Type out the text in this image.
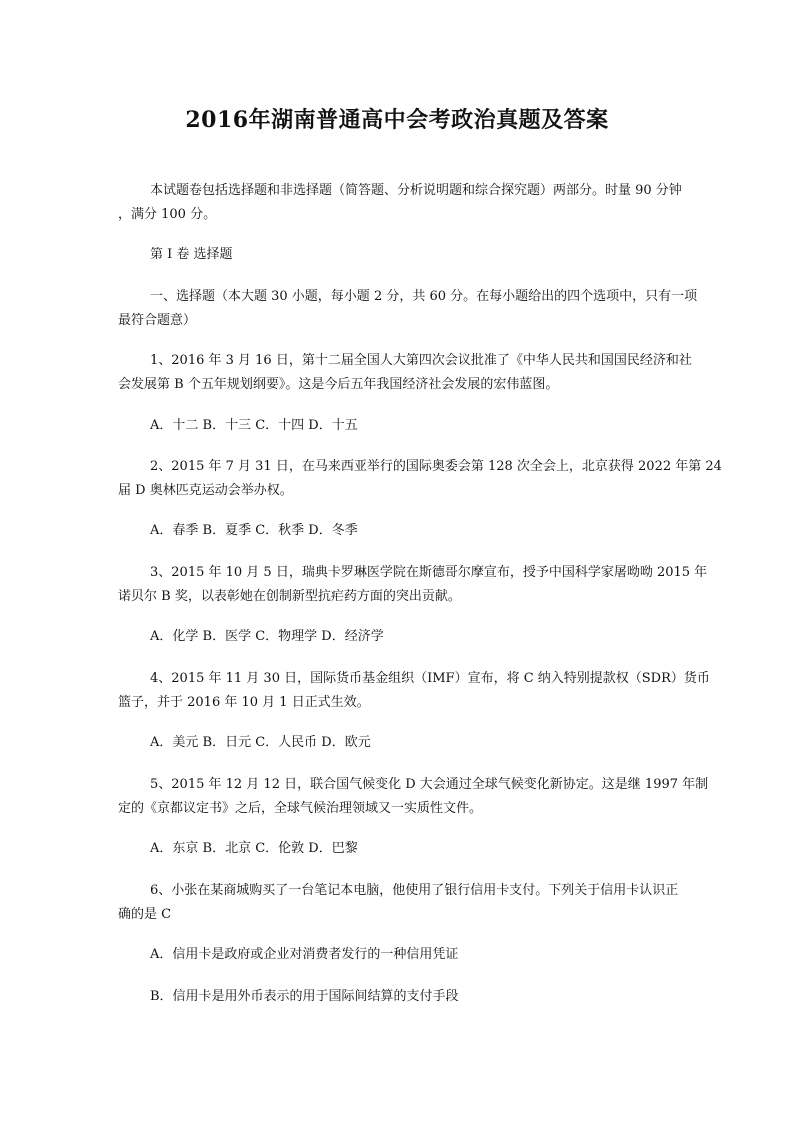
2016年湖南普通高中会考政治真题及答案
本试题卷包括选择题和非选择题（简答题、分析说明题和综合探究题）两部分。时量 90 分钟
，满分 100 分。
第 I 卷 选择题
一、选择题（本大题 30 小题，每小题 2 分，共 60 分。在每小题给出的四个选项中，只有一项
最符合题意）
1、2016 年 3 月 16 日，第十二届全国人大第四次会议批准了《中华人民共和国国民经济和社
会发展第 B 个五年规划纲要》。这是今后五年我国经济社会发展的宏伟蓝图。
A．十二 B．十三 C．十四 D．十五
2、2015 年 7 月 31 日，在马来西亚举行的国际奥委会第 128 次全会上，北京获得 2022 年第 24
届 D 奥林匹克运动会举办权。
A．春季 B．夏季 C．秋季 D．冬季
3、2015 年 10 月 5 日，瑞典卡罗琳医学院在斯德哥尔摩宣布，授予中国科学家屠呦呦 2015 年
诺贝尔 B 奖，以表彰她在创制新型抗疟药方面的突出贡献。
A．化学 B．医学 C．物理学 D．经济学
4、2015 年 11 月 30 日，国际货币基金组织（IMF）宣布，将 C 纳入特别提款权（SDR）货币
篮子，并于 2016 年 10 月 1 日正式生效。
A．美元 B．日元 C．人民币 D．欧元
5、2015 年 12 月 12 日，联合国气候变化 D 大会通过全球气候变化新协定。这是继 1997 年制
定的《京都议定书》之后，全球气候治理领域又一实质性文件。
A．东京 B．北京 C．伦敦 D．巴黎
6、小张在某商城购买了一台笔记本电脑，他使用了银行信用卡支付。下列关于信用卡认识正
确的是 C
A．信用卡是政府或企业对消费者发行的一种信用凭证
B．信用卡是用外币表示的用于国际间结算的支付手段
